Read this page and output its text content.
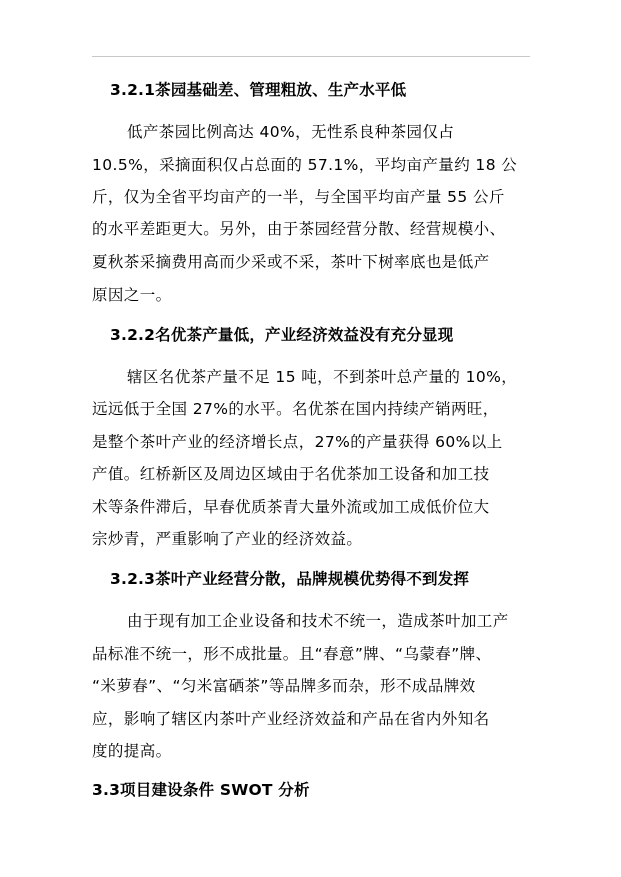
3.2.1茶园基础差、管理粗放、生产水平低
低产茶园比例高达 40%，无性系良种茶园仅占
10.5%，采摘面积仅占总面的 57.1%，平均亩产量约 18 公
斤，仅为全省平均亩产的一半，与全国平均亩产量 55 公斤
的水平差距更大。另外，由于茶园经营分散、经营规模小、
夏秋茶采摘费用高而少采或不采，茶叶下树率底也是低产
原因之一。
3.2.2名优茶产量低，产业经济效益没有充分显现
辖区名优茶产量不足 15 吨，不到茶叶总产量的 10%，
远远低于全国 27%的水平。名优茶在国内持续产销两旺，
是整个茶叶产业的经济增长点，27%的产量获得 60%以上
产值。红桥新区及周边区域由于名优茶加工设备和加工技
术等条件滞后，早春优质茶青大量外流或加工成低价位大
宗炒青，严重影响了产业的经济效益。
3.2.3茶叶产业经营分散，品牌规模优势得不到发挥
由于现有加工企业设备和技术不统一，造成茶叶加工产
品标准不统一，形不成批量。且“春意”牌、“乌蒙春”牌、
“米萝春”、“匀米富硒茶”等品牌多而杂，形不成品牌效
应，影响了辖区内茶叶产业经济效益和产品在省内外知名
度的提高。
3.3项目建设条件 SWOT 分析
